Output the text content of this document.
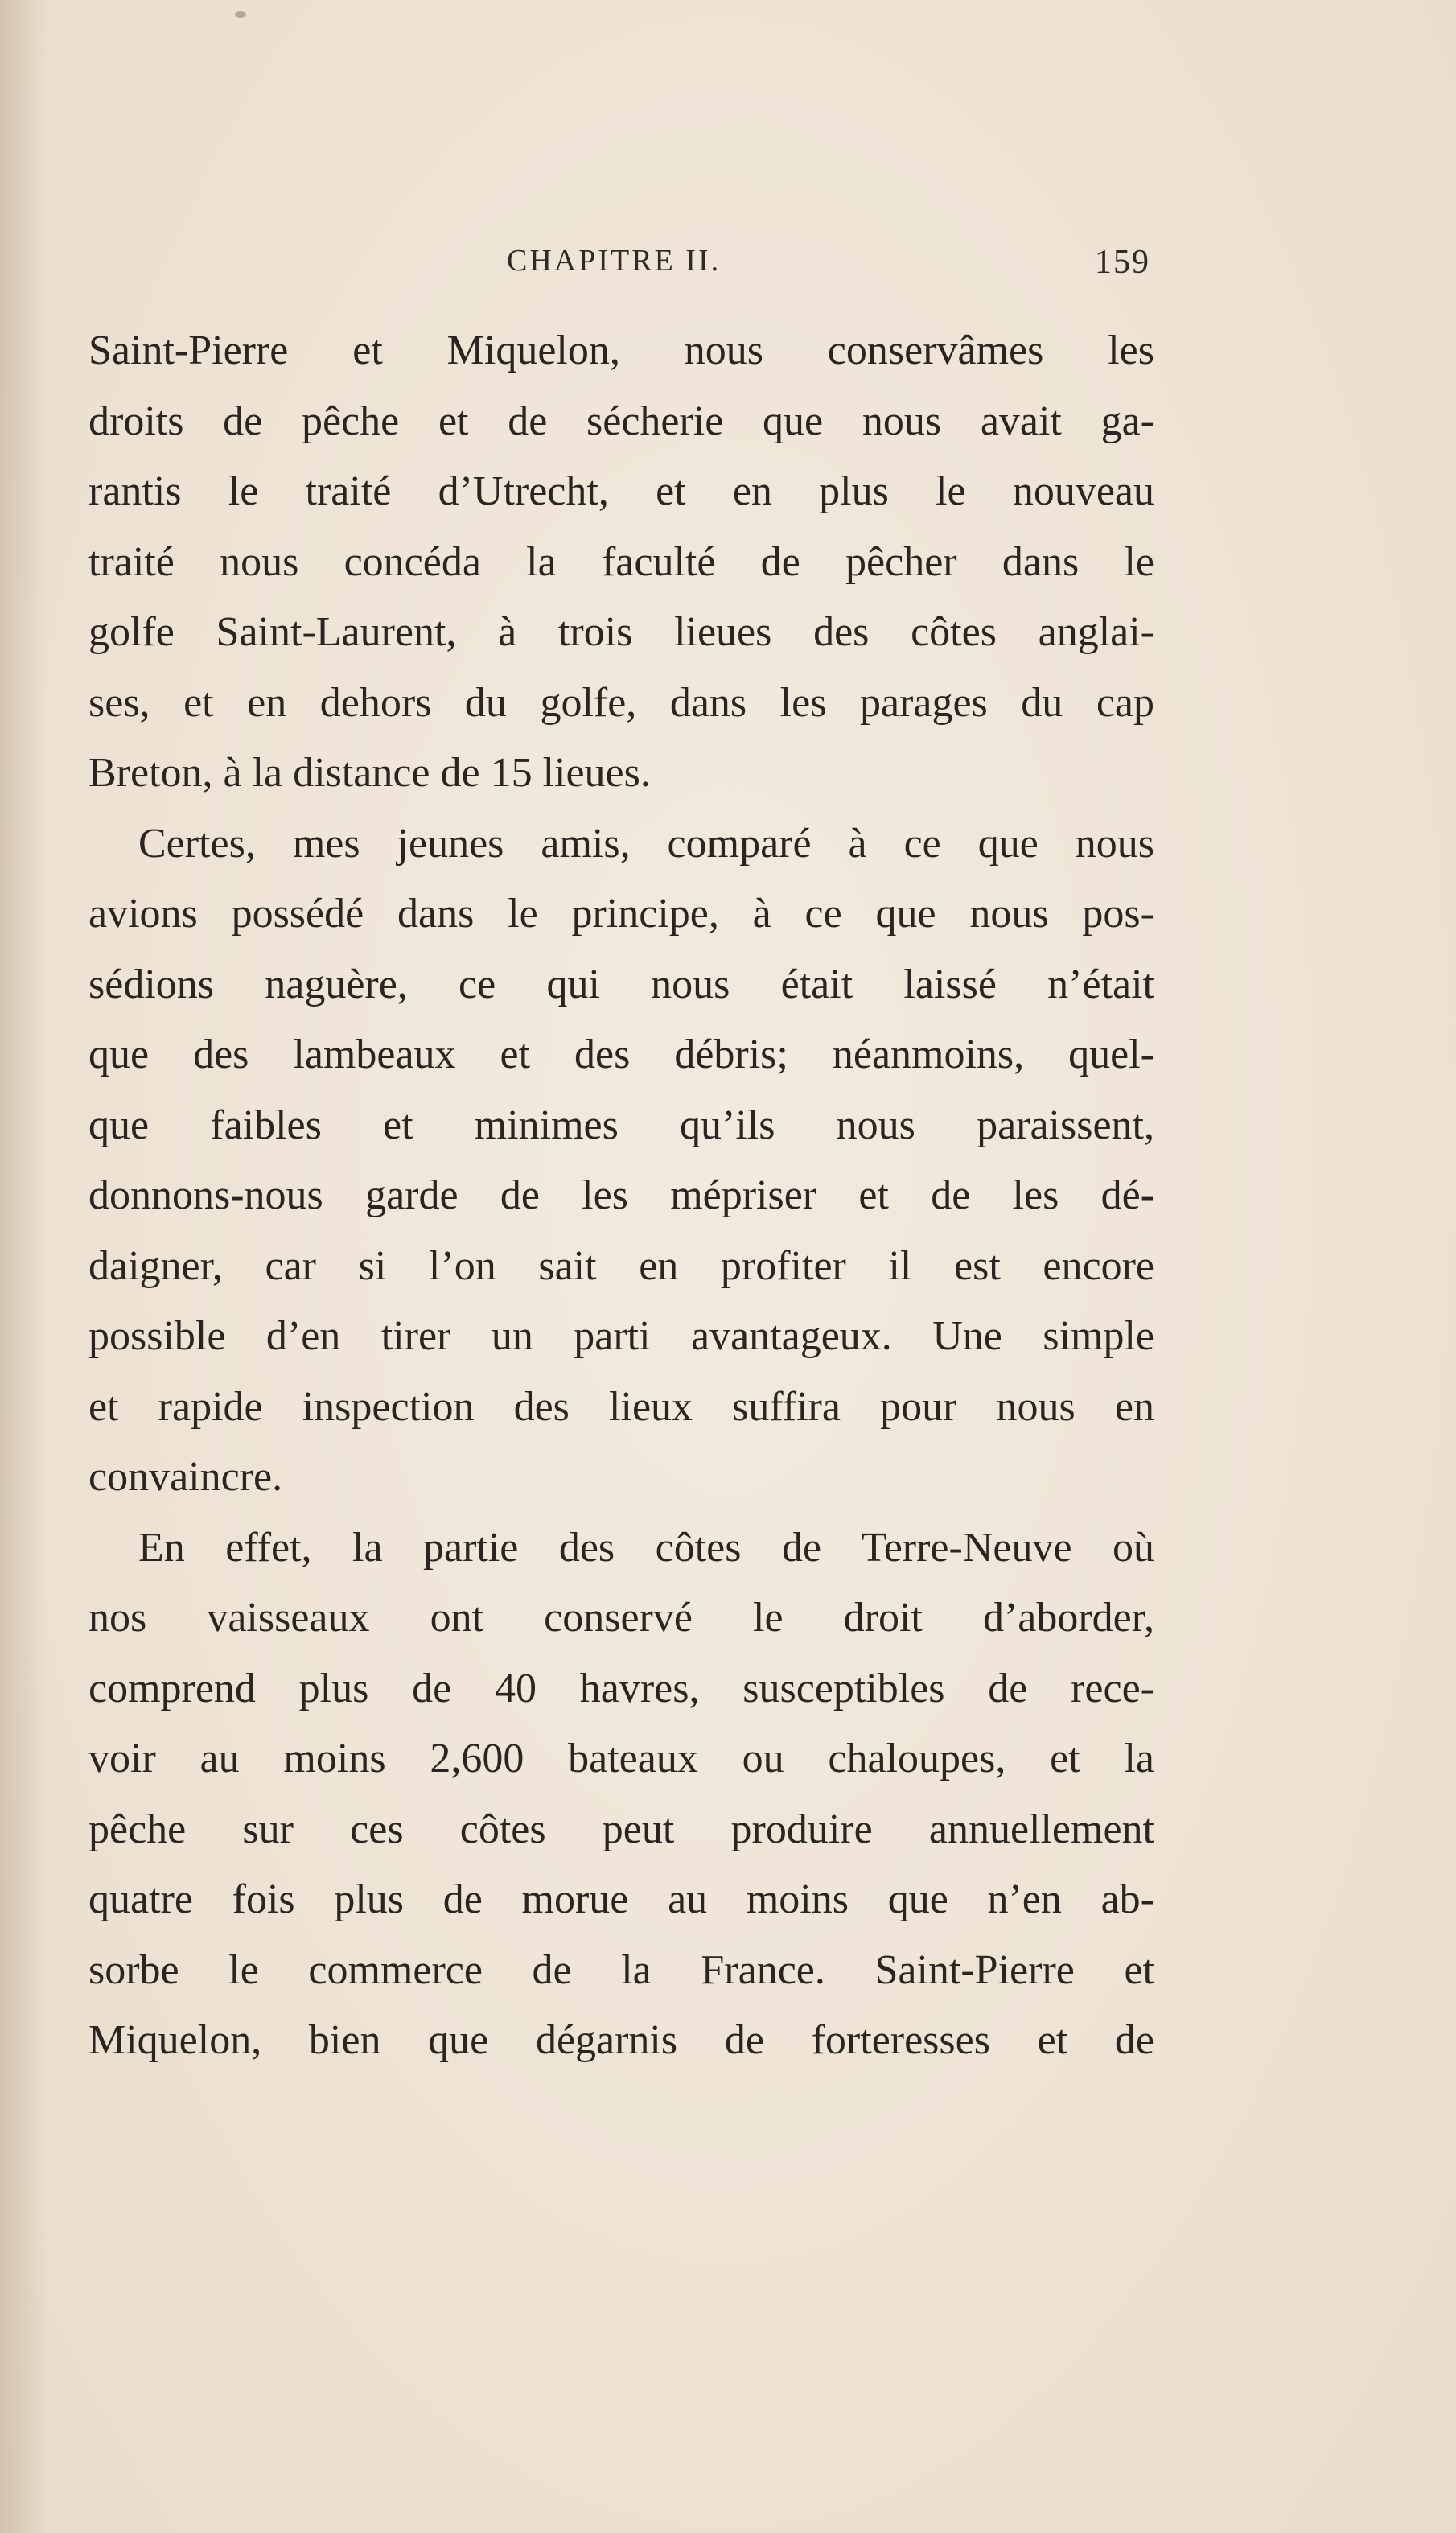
CHAPITRE II.	159
Saint-Pierre et Miquelon, nous conservâmes les
droits de pêche et de sécherie que nous avait ga-
rantis le traité d’Utrecht, et en plus le nouveau
traité nous concéda la faculté de pêcher dans le
golfe Saint-Laurent, à trois lieues des côtes anglai-
ses, et en dehors du golfe, dans les parages du cap
Breton, à la distance de 15 lieues.
Certes, mes jeunes amis, comparé à ce que nous
avions possédé dans le principe, à ce que nous pos-
sédions naguère, ce qui nous était laissé n’était
que des lambeaux et des débris; néanmoins, quel-
que faibles et minimes qu’ils nous paraissent,
donnons-nous garde de les mépriser et de les dé-
daigner, car si l’on sait en profiter il est encore
possible d’en tirer un parti avantageux. Une simple
et rapide inspection des lieux suffira pour nous en
convaincre.
En effet, la partie des côtes de Terre-Neuve où
nos vaisseaux ont conservé le droit d’aborder,
comprend plus de 40 havres, susceptibles de rece-
voir au moins 2,600 bateaux ou chaloupes, et la
pêche sur ces côtes peut produire annuellement
quatre fois plus de morue au moins que n’en ab-
sorbe le commerce de la France. Saint-Pierre et
Miquelon, bien que dégarnis de forteresses et de
